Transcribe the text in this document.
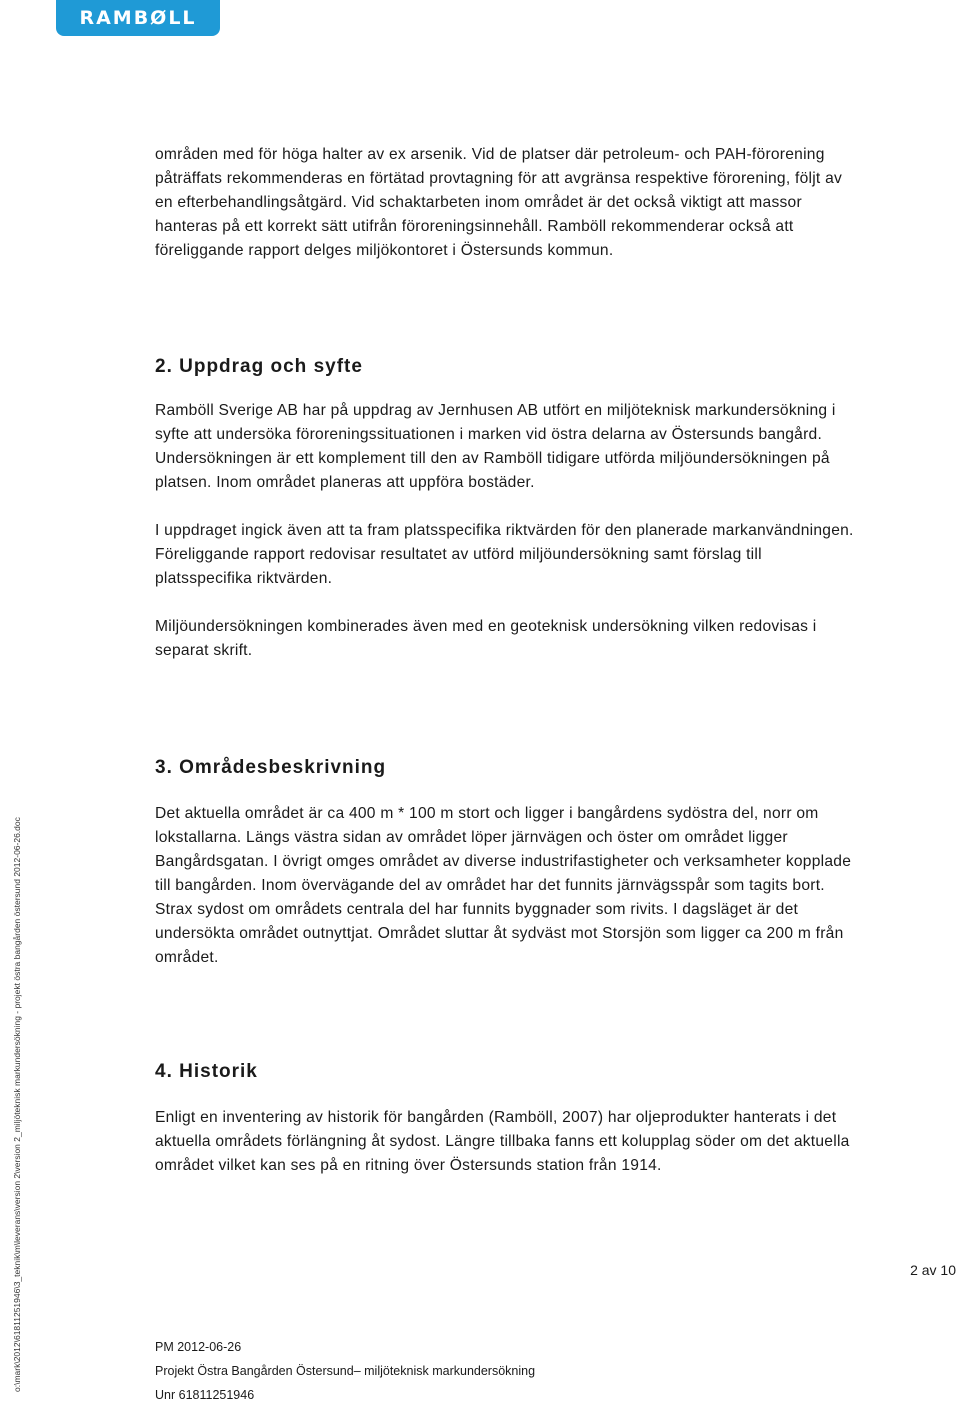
RAMBØLL

områden med för höga halter av ex arsenik. Vid de platser där petroleum- och PAH-förorening påträffats rekommenderas en förtätad provtagning för att avgränsa respektive förorening, följt av en efterbehandlingsåtgärd. Vid schaktarbeten inom området är det också viktigt att massor hanteras på ett korrekt sätt utifrån föroreningsinnehåll. Ramböll rekommenderar också att föreliggande rapport delges miljökontoret i Östersunds kommun.

2. Uppdrag och syfte

Ramböll Sverige AB har på uppdrag av Jernhusen AB utfört en miljöteknisk markundersökning i syfte att undersöka föroreningssituationen i marken vid östra delarna av Östersunds bangård. Undersökningen är ett komplement till den av Ramböll tidigare utförda miljöundersökningen på platsen. Inom området planeras att uppföra bostäder.

I uppdraget ingick även att ta fram platsspecifika riktvärden för den planerade markanvändningen. Föreliggande rapport redovisar resultatet av utförd miljöundersökning samt förslag till platsspecifika riktvärden.

Miljöundersökningen kombinerades även med en geoteknisk undersökning vilken redovisas i separat skrift.

3. Områdesbeskrivning

Det aktuella området är ca 400 m * 100 m stort och ligger i bangårdens sydöstra del, norr om lokstallarna. Längs västra sidan av området löper järnvägen och öster om området ligger Bangårdsgatan. I övrigt omges området av diverse industrifastigheter och verksamheter kopplade till bangården. Inom övervägande del av området har det funnits järnvägsspår som tagits bort. Strax sydost om områdets centrala del har funnits byggnader som rivits. I dagsläget är det undersökta området outnyttjat. Området sluttar åt sydväst mot Storsjön som ligger ca 200 m från området.

4. Historik

Enligt en inventering av historik för bangården (Ramböll, 2007) har oljeprodukter hanterats i det aktuella områdets förlängning åt sydost. Längre tillbaka fanns ett kolupplag söder om det aktuella området vilket kan ses på en ritning över Östersunds station från 1914.

2 av 10
PM 2012-06-26
Projekt Östra Bangården Östersund– miljöteknisk markundersökning
Unr 61811251946
o:\mark\2012\61811251946\3_teknik\m\leverans\version 2\version 2_miljöteknisk markundersökning - projekt östra bangården östersund 2012-06-26.doc
